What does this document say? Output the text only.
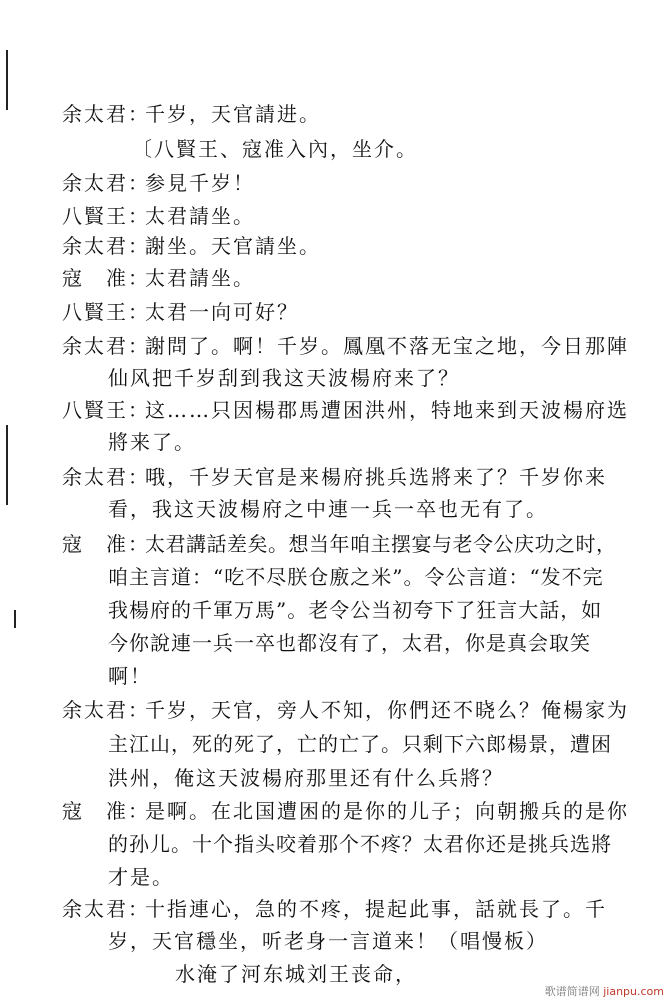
余太君：
千岁，天官請进。
〔八賢王、寇准入內，坐介。
余太君：
参見千岁！
八賢王：
太君請坐。
余太君：
謝坐。天官請坐。
寇　准：
太君請坐。
八賢王：
太君一向可好？
余太君：
謝問了。啊！千岁。鳳凰不落无宝之地，今日那陣
仙风把千岁刮到我这天波楊府来了？
八賢王：
这……只因楊郡馬遭困洪州，特地来到天波楊府选
將来了。
余太君：
哦，千岁天官是来楊府挑兵选將来了？千岁你来
看，我这天波楊府之中連一兵一卒也无有了。
寇　准：
太君講話差矣。想当年咱主摆宴与老令公庆功之时，
咱主言道：“吃不尽朕仓廒之米”。令公言道：“发不完
我楊府的千軍万馬”。老令公当初夸下了狂言大話，如
今你說連一兵一卒也都沒有了，太君，你是真会取笑
啊！
余太君：
千岁，天官，旁人不知，你們还不晓么？俺楊家为
主江山，死的死了，亡的亡了。只剩下六郎楊景，遭困
洪州，俺这天波楊府那里还有什么兵將？
寇　准：
是啊。在北国遭困的是你的儿子；向朝搬兵的是你
的孙儿。十个指头咬着那个不疼？太君你还是挑兵选將
才是。
余太君：
十指連心，急的不疼，提起此事，話就長了。千
岁，天官穩坐，听老身一言道来！（唱慢板）
水淹了河东城刘王丧命，
歌谱简谱网 jianpu.com
